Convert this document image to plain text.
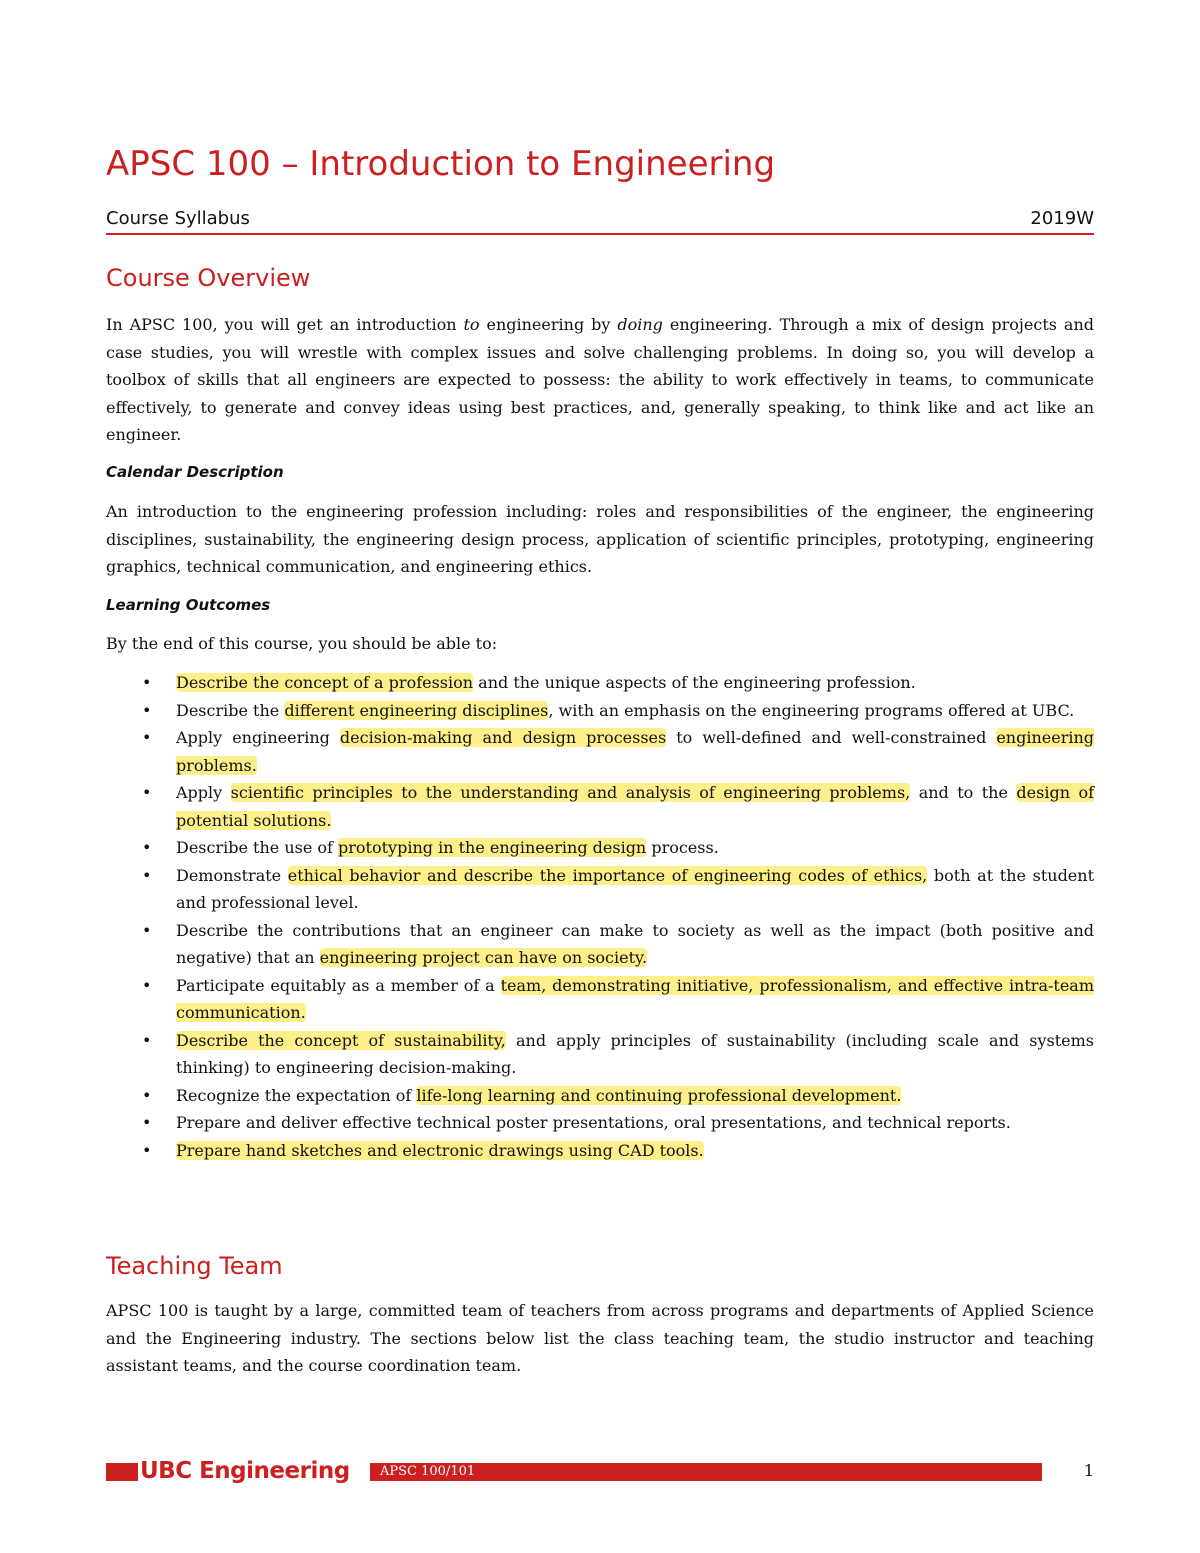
APSC 100 – Introduction to Engineering
Course Syllabus	2019W
Course Overview

In APSC 100, you will get an introduction to engineering by doing engineering. Through a mix of design projects and case studies, you will wrestle with complex issues and solve challenging problems. In doing so, you will develop a toolbox of skills that all engineers are expected to possess: the ability to work effectively in teams, to communicate effectively, to generate and convey ideas using best practices, and, generally speaking, to think like and act like an engineer.

Calendar Description

An introduction to the engineering profession including: roles and responsibilities of the engineer, the engineering disciplines, sustainability, the engineering design process, application of scientific principles, prototyping, engineering graphics, technical communication, and engineering ethics.

Learning Outcomes

By the end of this course, you should be able to:

• Describe the concept of a profession and the unique aspects of the engineering profession.
• Describe the different engineering disciplines, with an emphasis on the engineering programs offered at UBC.
• Apply engineering decision-making and design processes to well-defined and well-constrained engineering problems.
• Apply scientific principles to the understanding and analysis of engineering problems, and to the design of potential solutions.
• Describe the use of prototyping in the engineering design process.
• Demonstrate ethical behavior and describe the importance of engineering codes of ethics, both at the student and professional level.
• Describe the contributions that an engineer can make to society as well as the impact (both positive and negative) that an engineering project can have on society.
• Participate equitably as a member of a team, demonstrating initiative, professionalism, and effective intra-team communication.
• Describe the concept of sustainability, and apply principles of sustainability (including scale and systems thinking) to engineering decision-making.
• Recognize the expectation of life-long learning and continuing professional development.
• Prepare and deliver effective technical poster presentations, oral presentations, and technical reports.
• Prepare hand sketches and electronic drawings using CAD tools.
Teaching Team

APSC 100 is taught by a large, committed team of teachers from across programs and departments of Applied Science and the Engineering industry. The sections below list the class teaching team, the studio instructor and teaching assistant teams, and the course coordination team.

UBC Engineering	APSC 100/101	1
